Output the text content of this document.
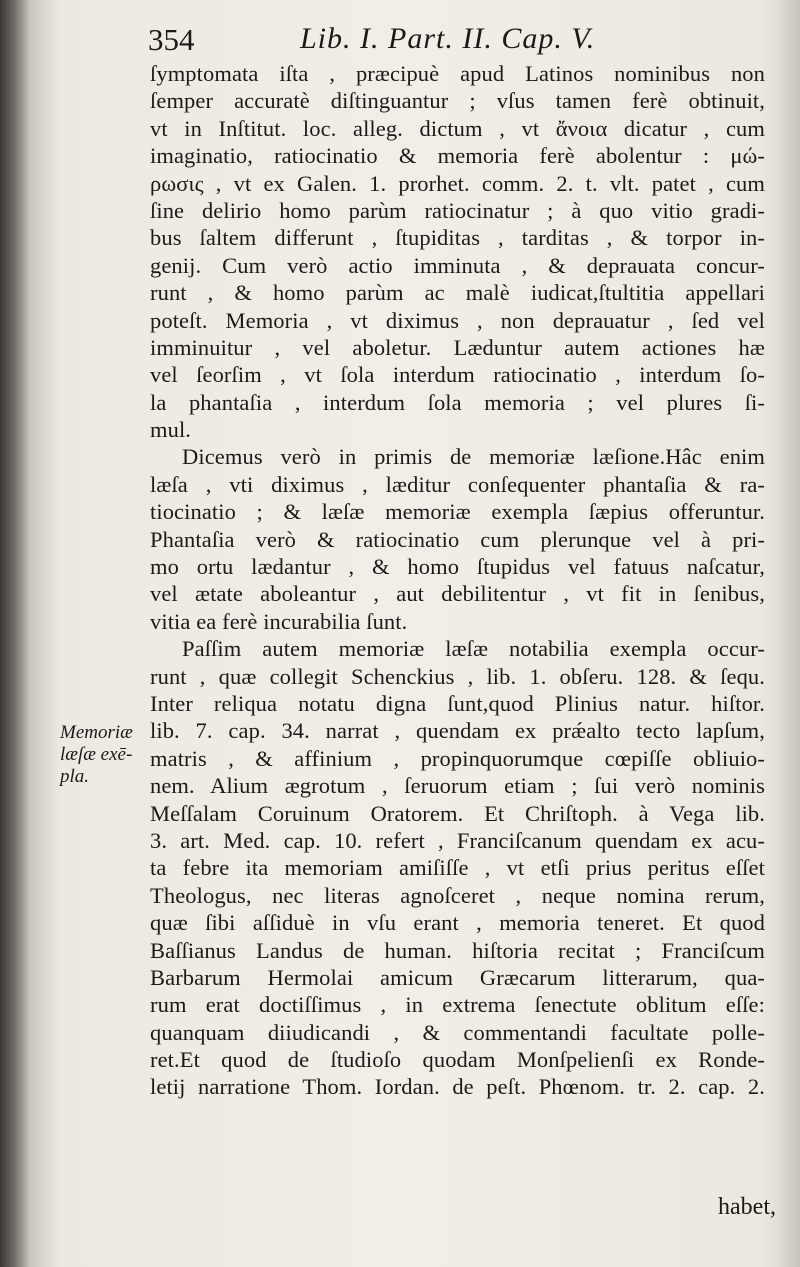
354	Lib. I. Part. II. Cap. V.
ſymptomata iſta , præcipuè apud Latinos nominibus non
ſemper accuratè diſtinguantur ; vſus tamen ferè obtinuit,
vt in Inſtitut. loc. alleg. dictum , vt ἄνοια dicatur , cum
imaginatio, ratiocinatio & memoria ferè abolentur : μώ-
ρωσις , vt ex Galen. 1. prorhet. comm. 2. t. vlt. patet , cum
ſine delirio homo parùm ratiocinatur ; à quo vitio gradi-
bus ſaltem differunt , ſtupiditas , tarditas , & torpor in-
genij. Cum verò actio imminuta , & deprauata concur-
runt , & homo parùm ac malè iudicat,ſtultitia appellari
poteſt. Memoria , vt diximus , non deprauatur , ſed vel
imminuitur , vel aboletur. Læduntur autem actiones hæ
vel ſeorſim , vt ſola interdum ratiocinatio , interdum ſo-
la phantaſia , interdum ſola memoria ; vel plures ſi-
mul.
Dicemus verò in primis de memoriæ læſione.Hâc enim
læſa , vti diximus , læditur conſequenter phantaſia & ra-
tiocinatio ; & læſæ memoriæ exempla ſæpius offeruntur.
Phantaſia verò & ratiocinatio cum plerunque vel à pri-
mo ortu lædantur , & homo ſtupidus vel fatuus naſcatur,
vel ætate aboleantur , aut debilitentur , vt fit in ſenibus,
vitia ea ferè incurabilia ſunt.
Paſſim autem memoriæ læſæ notabilia exempla occur-
runt , quæ collegit Schenckius , lib. 1. obſeru. 128. & ſequ.
Inter reliqua notatu digna ſunt,quod Plinius natur. hiſtor.
lib. 7. cap. 34. narrat , quendam ex prǽalto tecto lapſum,
matris , & affinium , propinquorumque cœpiſſe obliuio-
nem. Alium ægrotum , ſeruorum etiam ; ſui verò nominis
Meſſalam Coruinum Oratorem. Et Chriſtoph. à Vega lib.
3. art. Med. cap. 10. refert , Franciſcanum quendam ex acu-
ta febre ita memoriam amiſiſſe , vt etſi prius peritus eſſet
Theologus, nec literas agnoſceret , neque nomina rerum,
quæ ſibi aſſiduè in vſu erant , memoria teneret. Et quod
Baſſianus Landus de human. hiſtoria recitat ; Franciſcum
Barbarum Hermolai amicum Græcarum litterarum, qua-
rum erat doctiſſimus , in extrema ſenectute oblitum eſſe:
quanquam diiudicandi , & commentandi facultate polle-
ret.Et quod de ſtudioſo quodam Monſpelienſi ex Ronde-
letij narratione Thom. Iordan. de peſt. Phœnom. tr. 2. cap. 2.
Memoriæ
læſæ exē-
pla.
habet,
